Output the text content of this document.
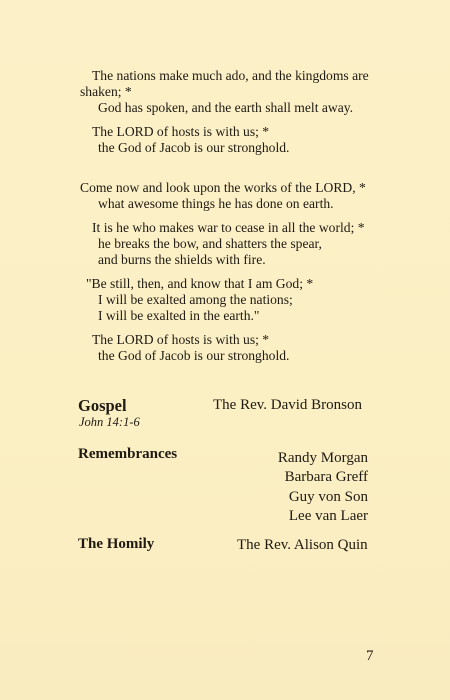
The nations make much ado, and the kingdoms are
shaken; *
God has spoken, and the earth shall melt away.
The LORD of hosts is with us; *
the God of Jacob is our stronghold.
Come now and look upon the works of the LORD, *
what awesome things he has done on earth.
It is he who makes war to cease in all the world; *
he breaks the bow, and shatters the spear,
and burns the shields with fire.
"Be still, then, and know that I am God; *
I will be exalted among the nations;
I will be exalted in the earth."
The LORD of hosts is with us; *
the God of Jacob is our stronghold.
Gospel
John 14:1-6
The Rev. David Bronson
Remembrances	Randy Morgan
Barbara Greff
Guy von Son
Lee van Laer
The Homily	The Rev. Alison Quin
7
